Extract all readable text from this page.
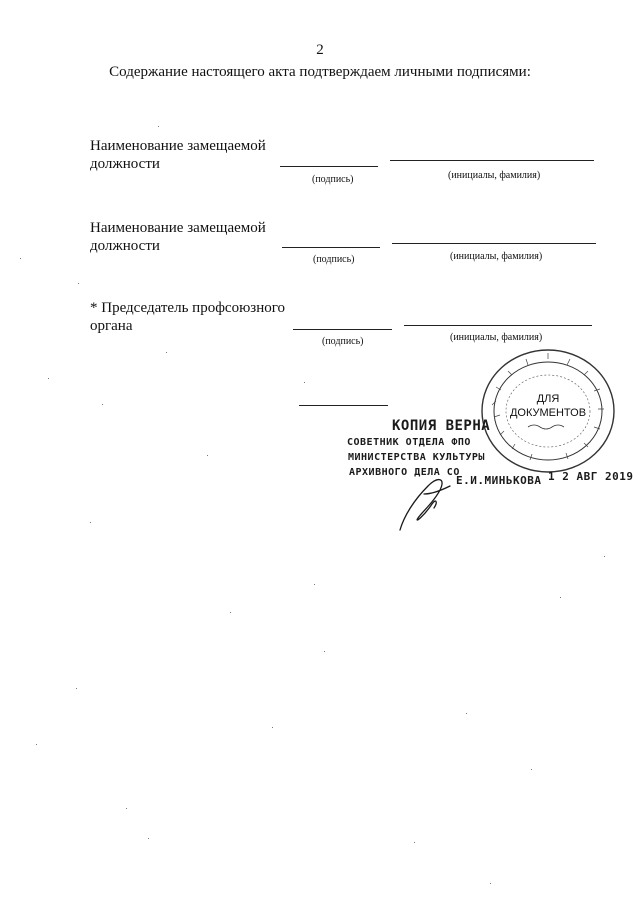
2
Содержание настоящего акта подтверждаем личными подписями:
Наименование замещаемой
должности
(подпись)	(инициалы, фамилия)
Наименование замещаемой
должности
(подпись)	(инициалы, фамилия)
* Председатель профсоюзного
органа
(подпись)	(инициалы, фамилия)
ДЛЯ
ДОКУМЕНТОВ
КОПИЯ ВЕРНА
СОВЕТНИК ОТДЕЛА ФПО
МИНИСТЕРСТВА КУЛЬТУРЫ
АРХИВНОГО ДЕЛА СО
Е.И.МИНЬКОВА 1 2 АВГ 2019
